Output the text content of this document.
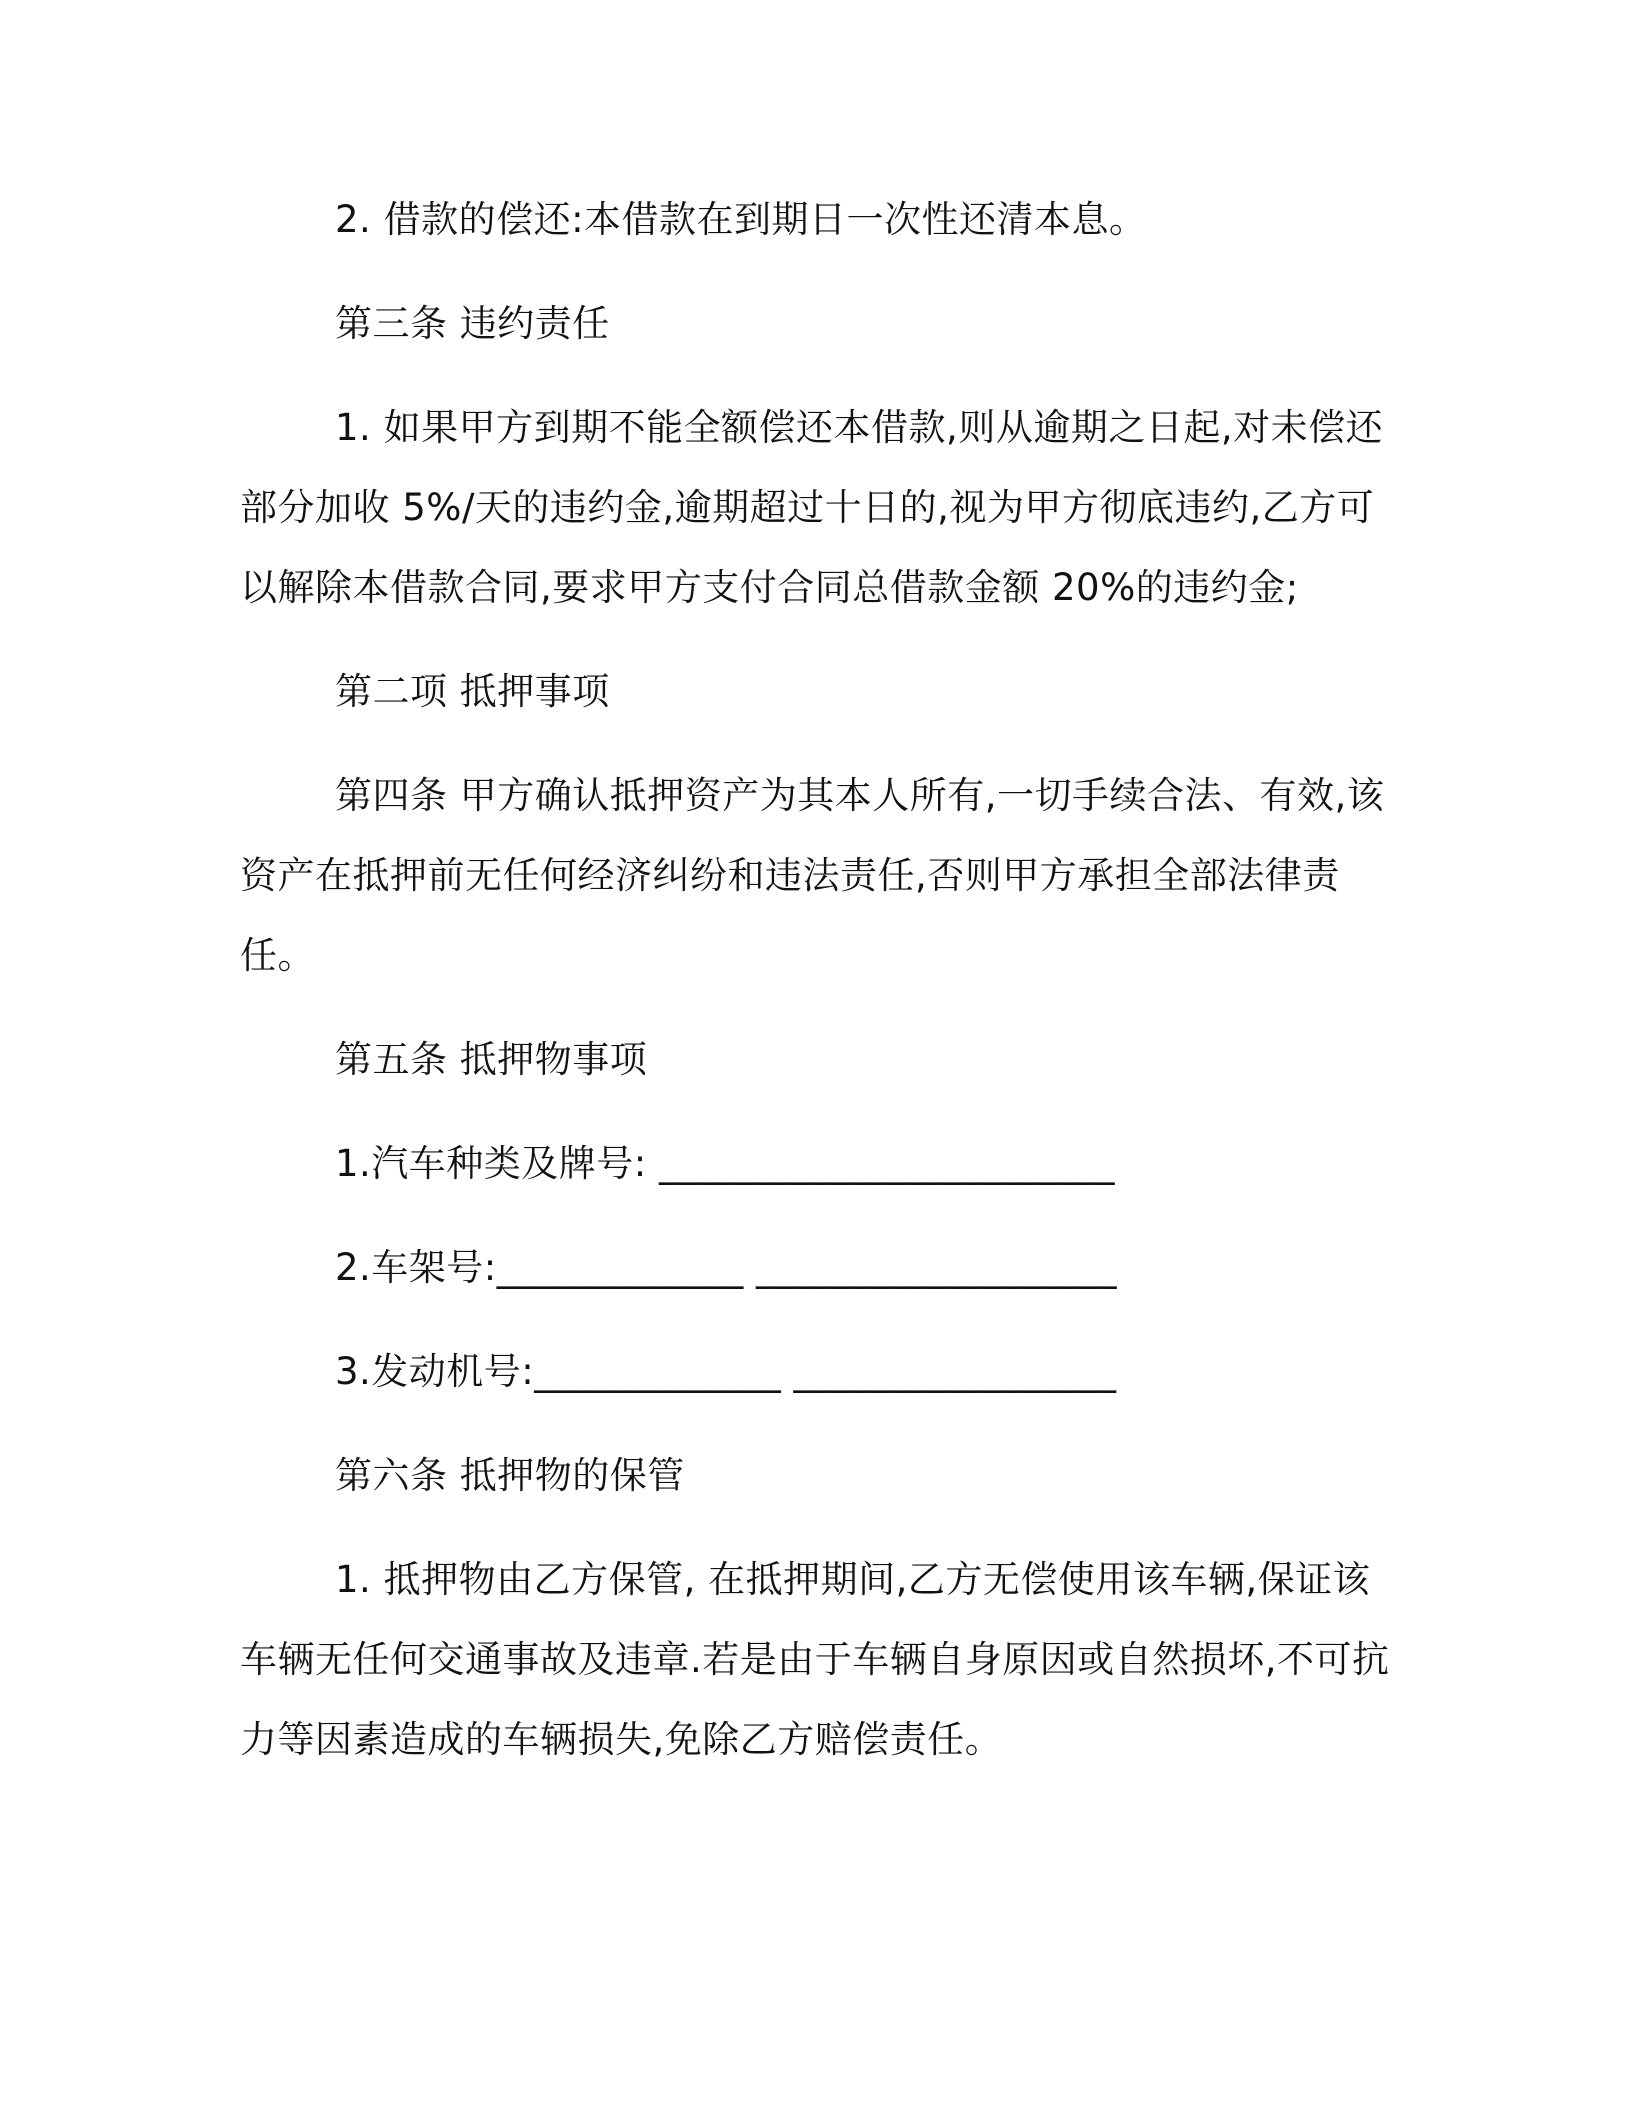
2. 借款的偿还:本借款在到期日一次性还清本息。

第三条 违约责任

1. 如果甲方到期不能全额偿还本借款,则从逾期之日起,对未偿还部分加收 5%/天的违约金,逾期超过十日的,视为甲方彻底违约,乙方可以解除本借款合同,要求甲方支付合同总借款金额 20%的违约金;

第二项 抵押事项

第四条 甲方确认抵押资产为其本人所有,一切手续合法、有效,该资产在抵押前无任何经济纠纷和违法责任,否则甲方承担全部法律责任。

第五条 抵押物事项

1.汽车种类及牌号: ________________________

2.车架号:_____________ ___________________

3.发动机号:_____________ _________________

第六条 抵押物的保管

1. 抵押物由乙方保管, 在抵押期间,乙方无偿使用该车辆,保证该车辆无任何交通事故及违章.若是由于车辆自身原因或自然损坏,不可抗力等因素造成的车辆损失,免除乙方赔偿责任。
